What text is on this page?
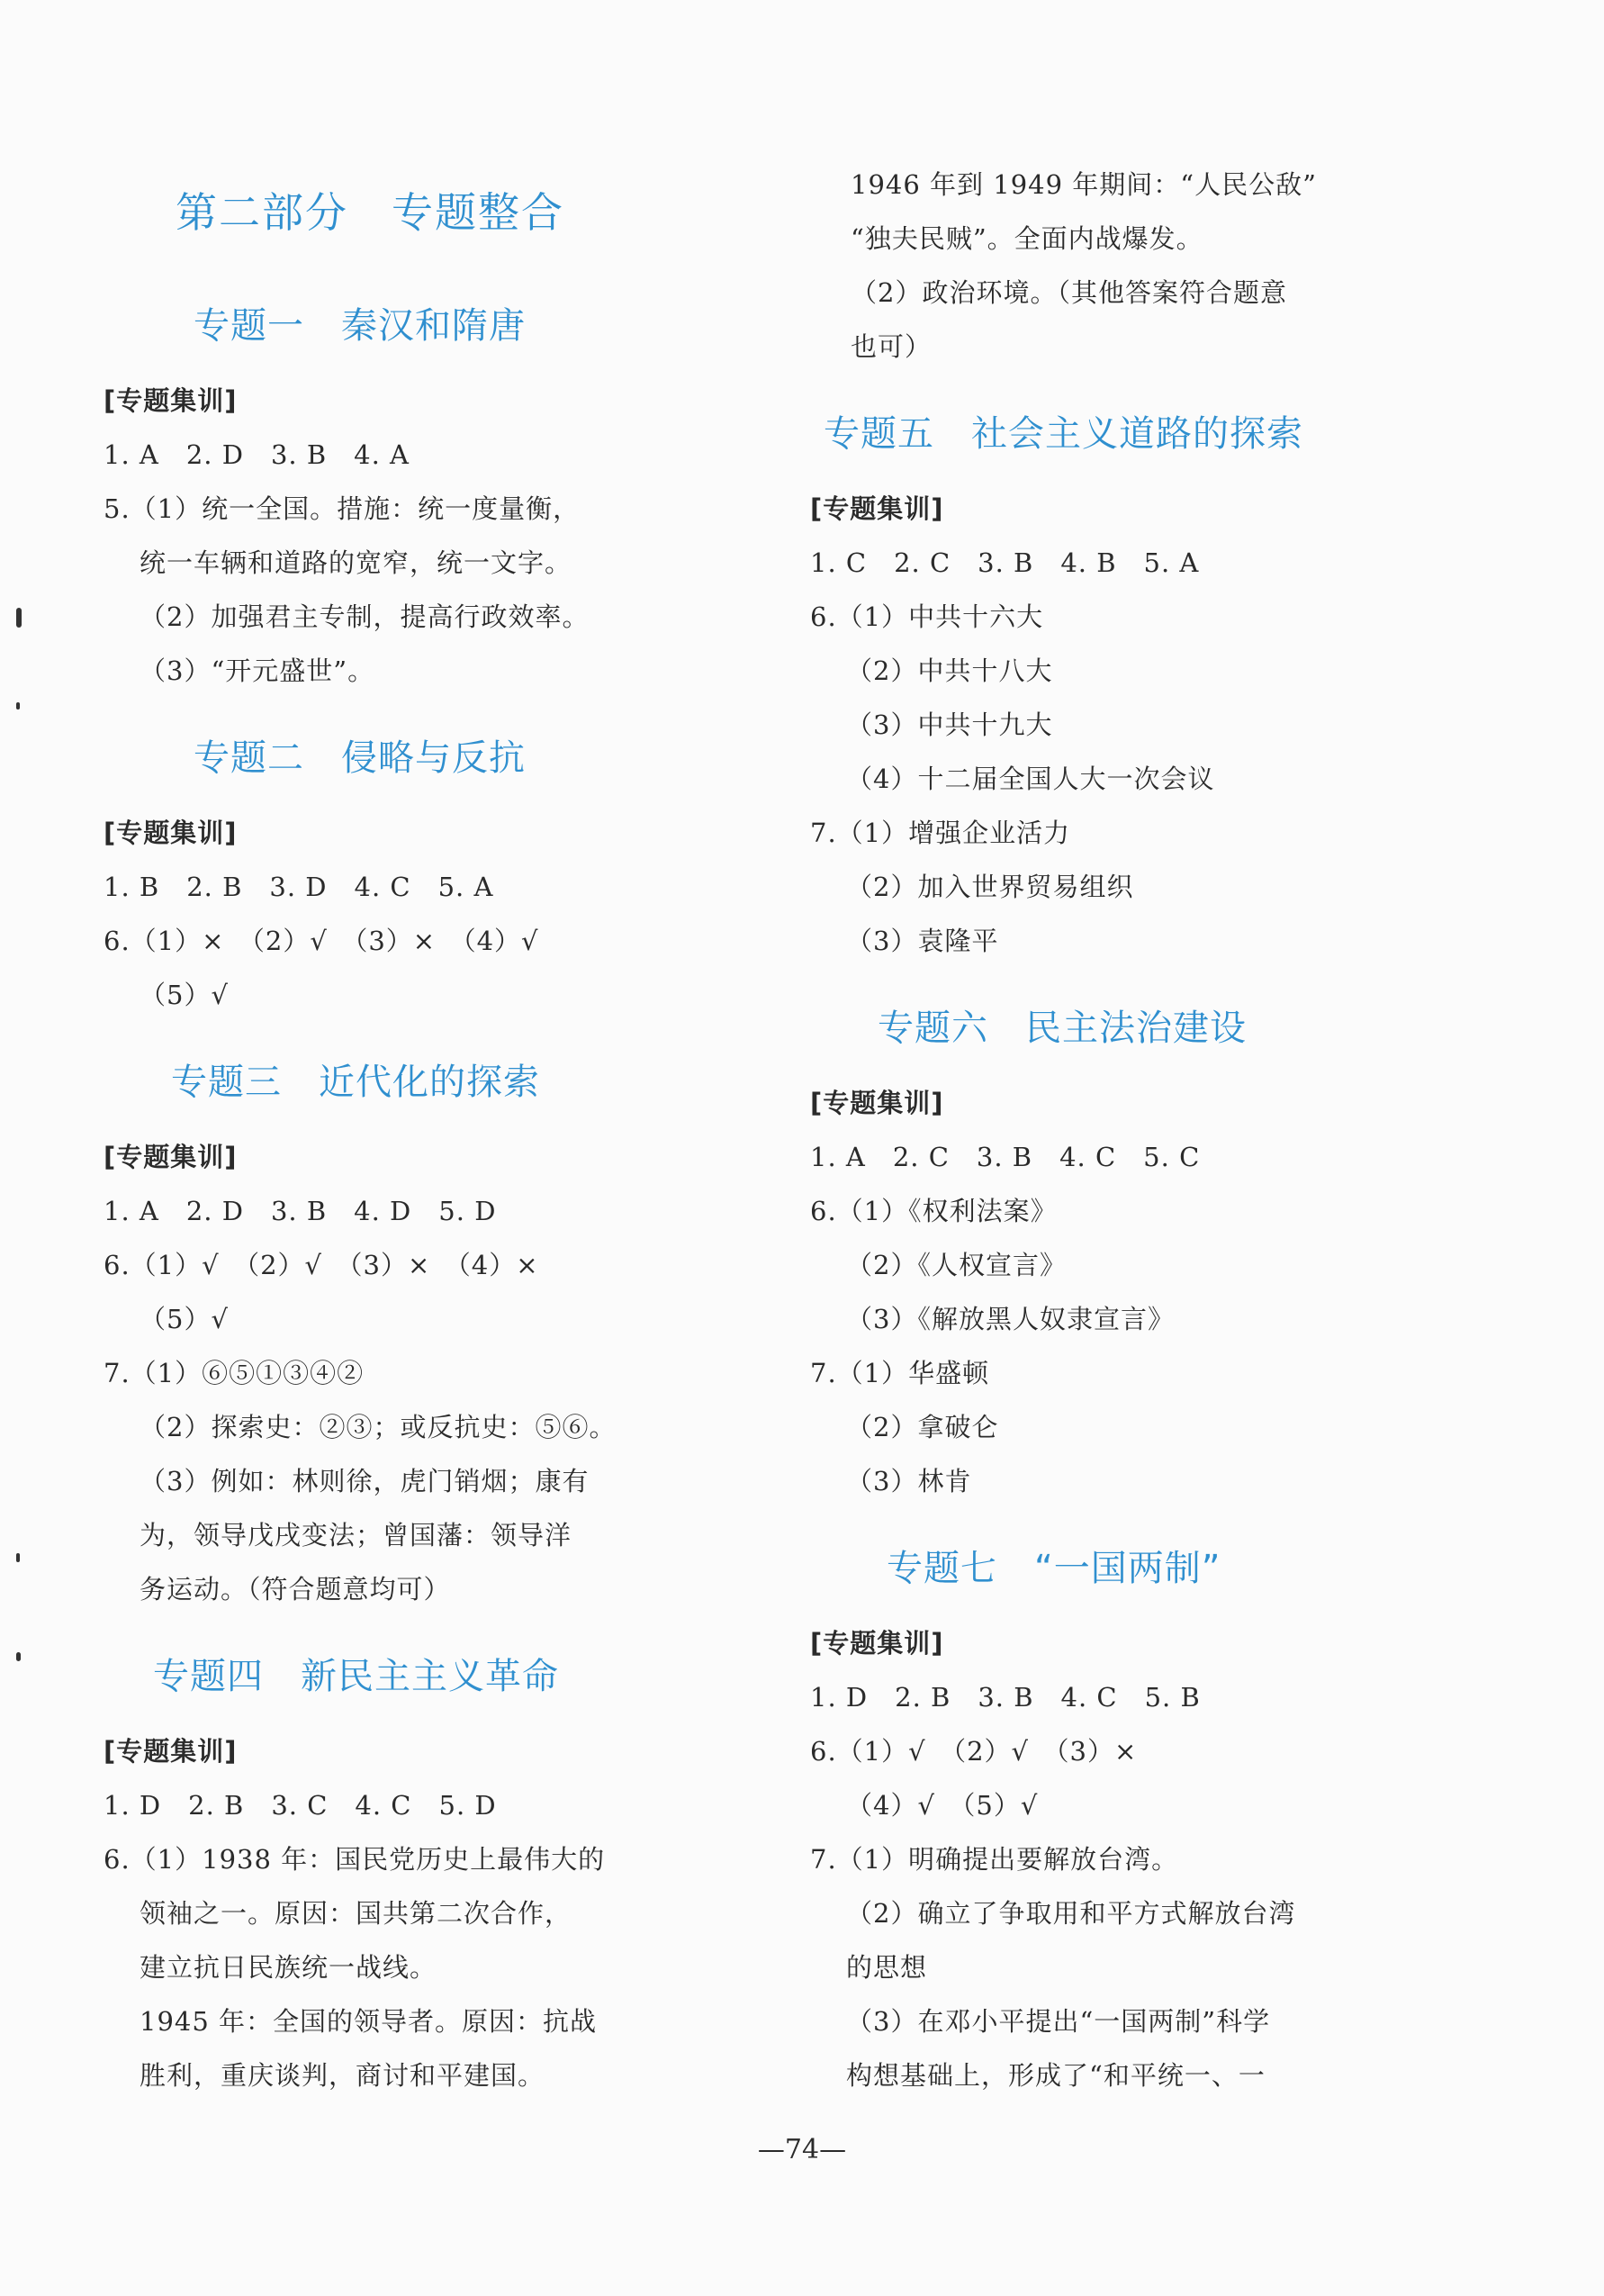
第二部分　专题整合
专题一　秦汉和隋唐
[专题集训]
1. A　2. D　3. B　4. A
5.（1）统一全国。措施：统一度量衡，
统一车辆和道路的宽窄，统一文字。
（2）加强君主专制，提高行政效率。
（3）“开元盛世”。
专题二　侵略与反抗
[专题集训]
1. B　2. B　3. D　4. C　5. A
6.（1）×　（2）√　（3）×　（4）√
（5）√
专题三　近代化的探索
[专题集训]
1. A　2. D　3. B　4. D　5. D
6.（1）√　（2）√　（3）×　（4）×
（5）√
7.（1）⑥⑤①③④②
（2）探索史：②③；或反抗史：⑤⑥。
（3）例如：林则徐，虎门销烟；康有
为，领导戊戌变法；曾国藩：领导洋
务运动。（符合题意均可）
专题四　新民主主义革命
[专题集训]
1. D　2. B　3. C　4. C　5. D
6.（1）1938 年：国民党历史上最伟大的
领袖之一。原因：国共第二次合作，
建立抗日民族统一战线。
1945 年：全国的领导者。原因：抗战
胜利，重庆谈判，商讨和平建国。
1946 年到 1949 年期间：“人民公敌”
“独夫民贼”。全面内战爆发。
（2）政治环境。（其他答案符合题意
也可）
专题五　社会主义道路的探索
[专题集训]
1. C　2. C　3. B　4. B　5. A
6.（1）中共十六大
（2）中共十八大
（3）中共十九大
（4）十二届全国人大一次会议
7.（1）增强企业活力
（2）加入世界贸易组织
（3）袁隆平
专题六　民主法治建设
[专题集训]
1. A　2. C　3. B　4. C　5. C
6.（1）《权利法案》
（2）《人权宣言》
（3）《解放黑人奴隶宣言》
7.（1）华盛顿
（2）拿破仑
（3）林肯
专题七　“一国两制”
[专题集训]
1. D　2. B　3. B　4. C　5. B
6.（1）√　（2）√　（3）×
（4）√　（5）√
7.（1）明确提出要解放台湾。
（2）确立了争取用和平方式解放台湾
的思想
（3）在邓小平提出“一国两制”科学
构想基础上，形成了“和平统一、一
—74—
